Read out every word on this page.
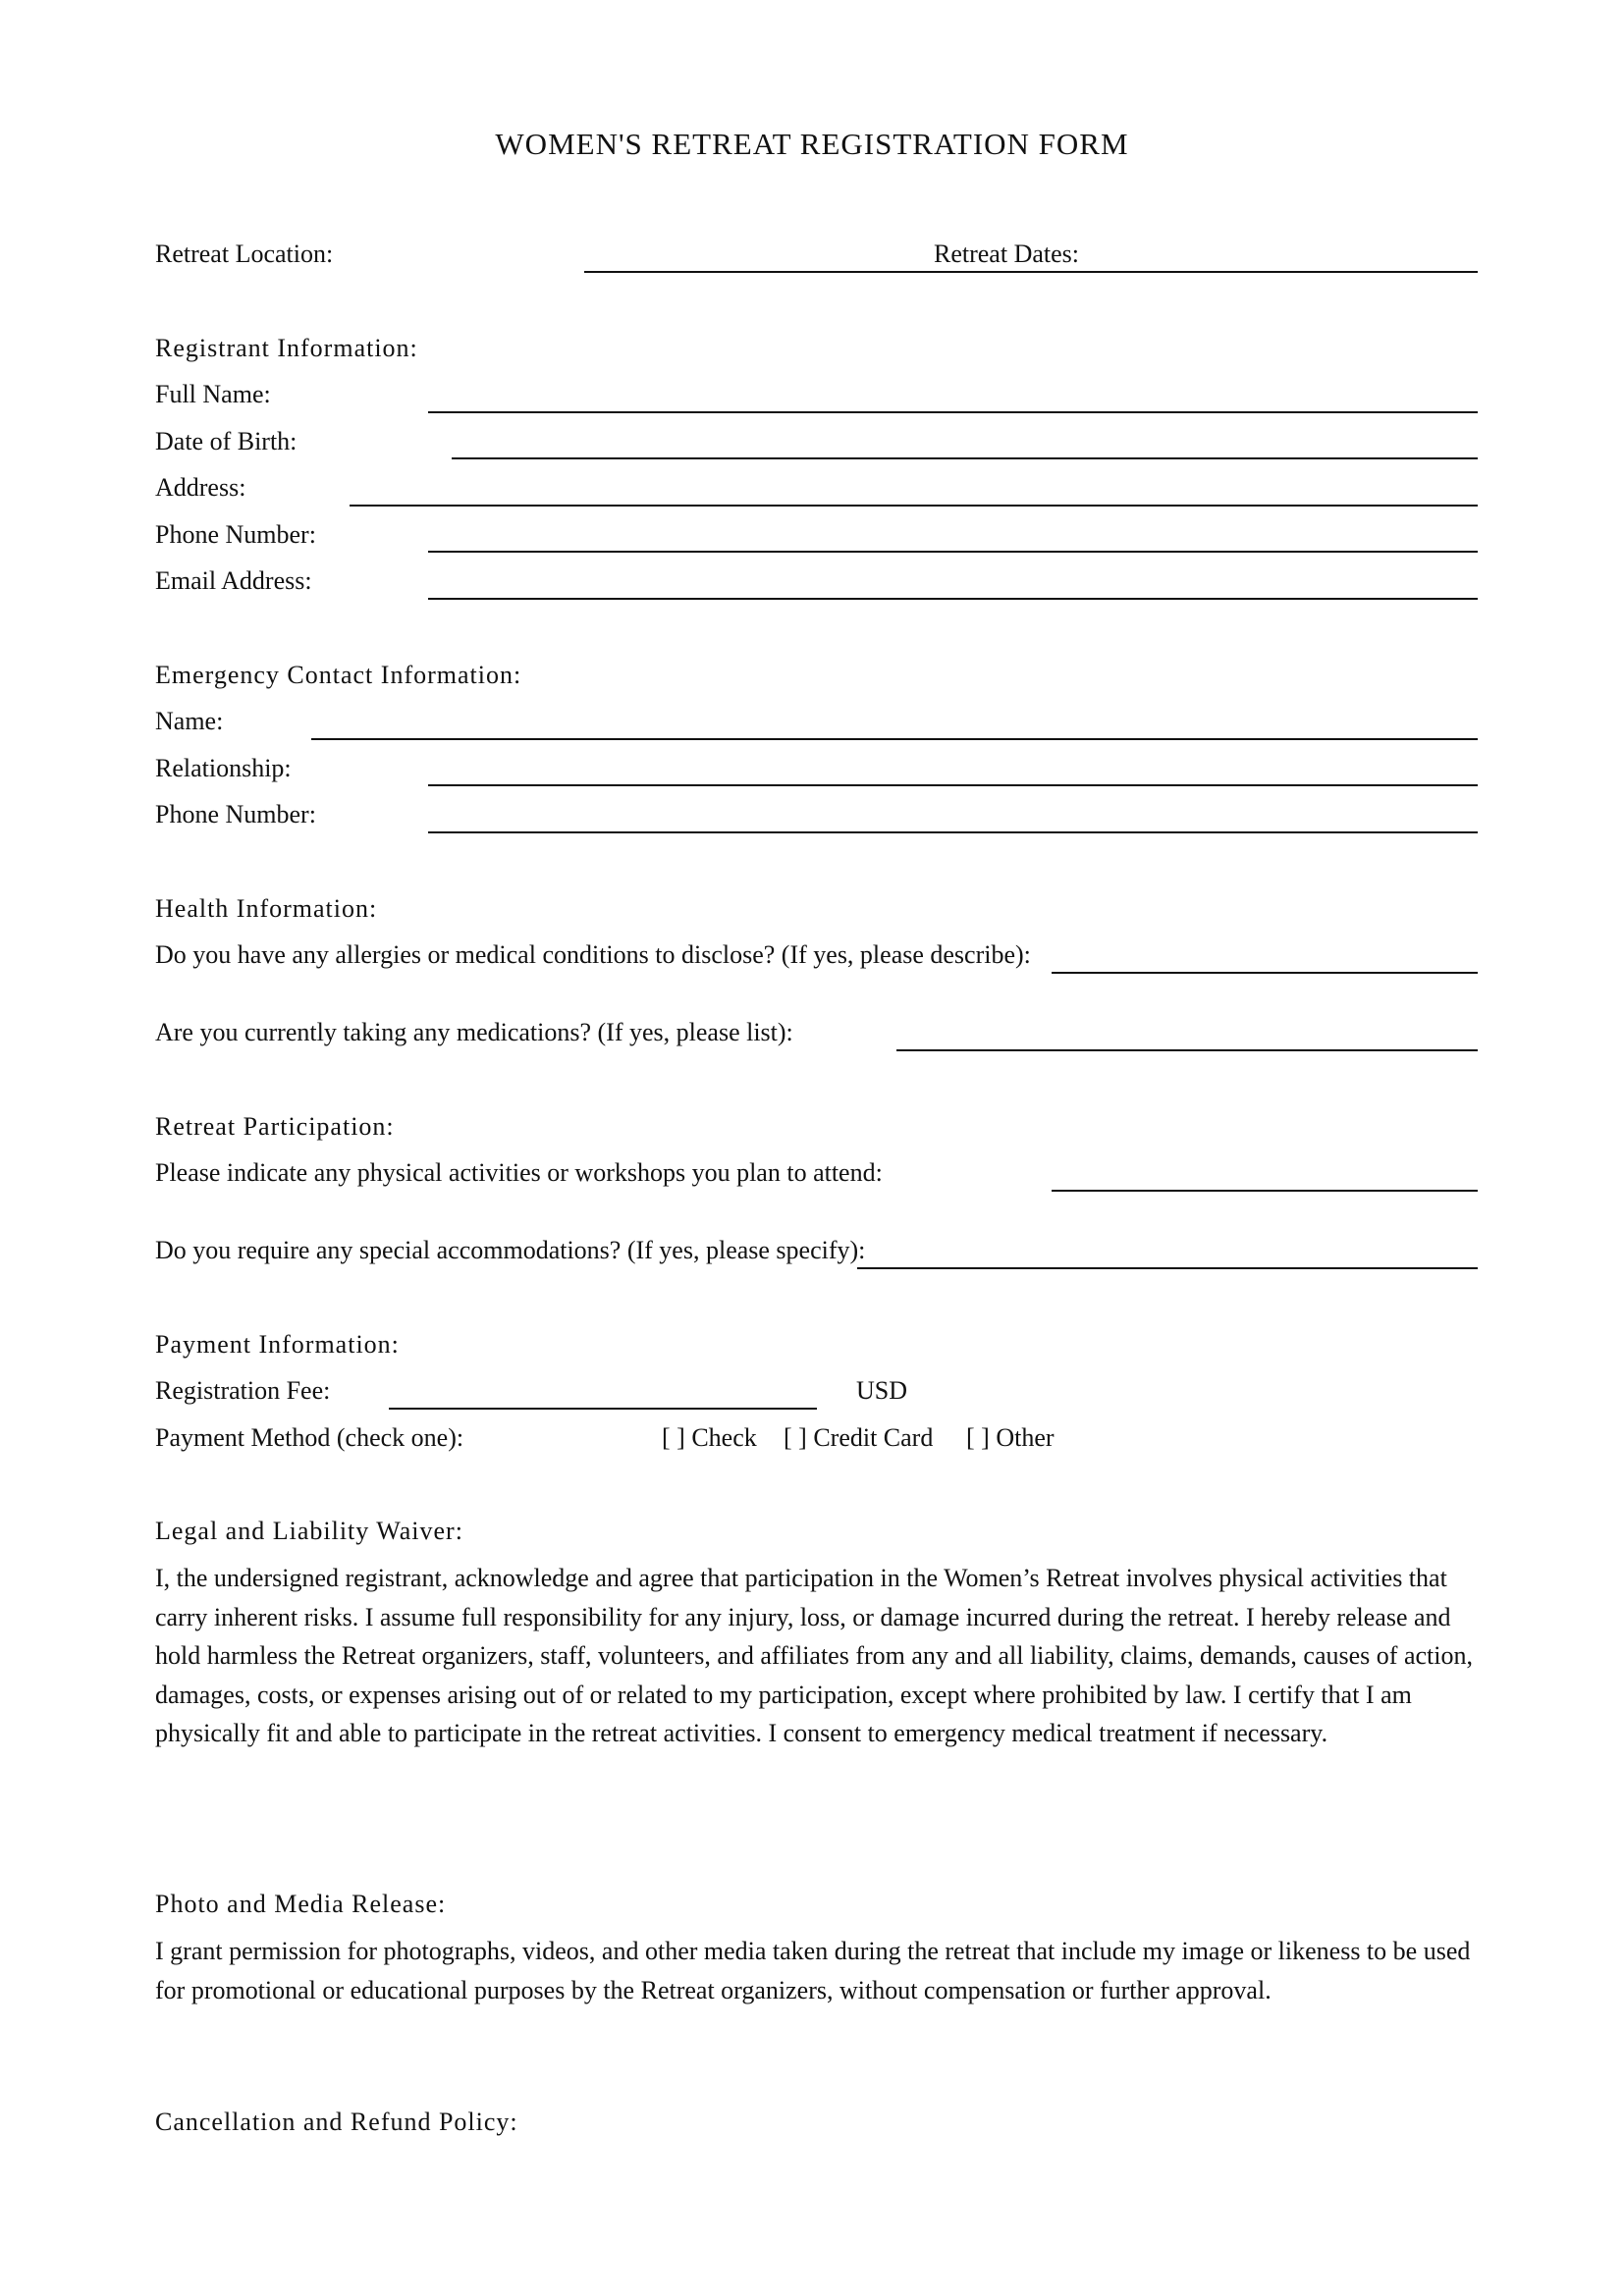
WOMEN'S RETREAT REGISTRATION FORM
Retreat Location:	Retreat Dates:
Registrant Information:
Full Name:
Date of Birth:
Address:
Phone Number:
Email Address:
Emergency Contact Information:
Name:
Relationship:
Phone Number:
Health Information:
Do you have any allergies or medical conditions to disclose? (If yes, please describe):
Are you currently taking any medications? (If yes, please list):
Retreat Participation:
Please indicate any physical activities or workshops you plan to attend:
Do you require any special accommodations? (If yes, please specify):
Payment Information:
Registration Fee:	USD
Payment Method (check one):	[ ] Check [ ] Credit Card [ ] Other
Legal and Liability Waiver:
I, the undersigned registrant, acknowledge and agree that participation in the Women’s Retreat involves physical activities that carry inherent risks. I assume full responsibility for any injury, loss, or damage incurred during the retreat. I hereby release and hold harmless the Retreat organizers, staff, volunteers, and affiliates from any and all liability, claims, demands, causes of action, damages, costs, or expenses arising out of or related to my participation, except where prohibited by law. I certify that I am physically fit and able to participate in the retreat activities. I consent to emergency medical treatment if necessary.
Photo and Media Release:
I grant permission for photographs, videos, and other media taken during the retreat that include my image or likeness to be used for promotional or educational purposes by the Retreat organizers, without compensation or further approval.
Cancellation and Refund Policy:
